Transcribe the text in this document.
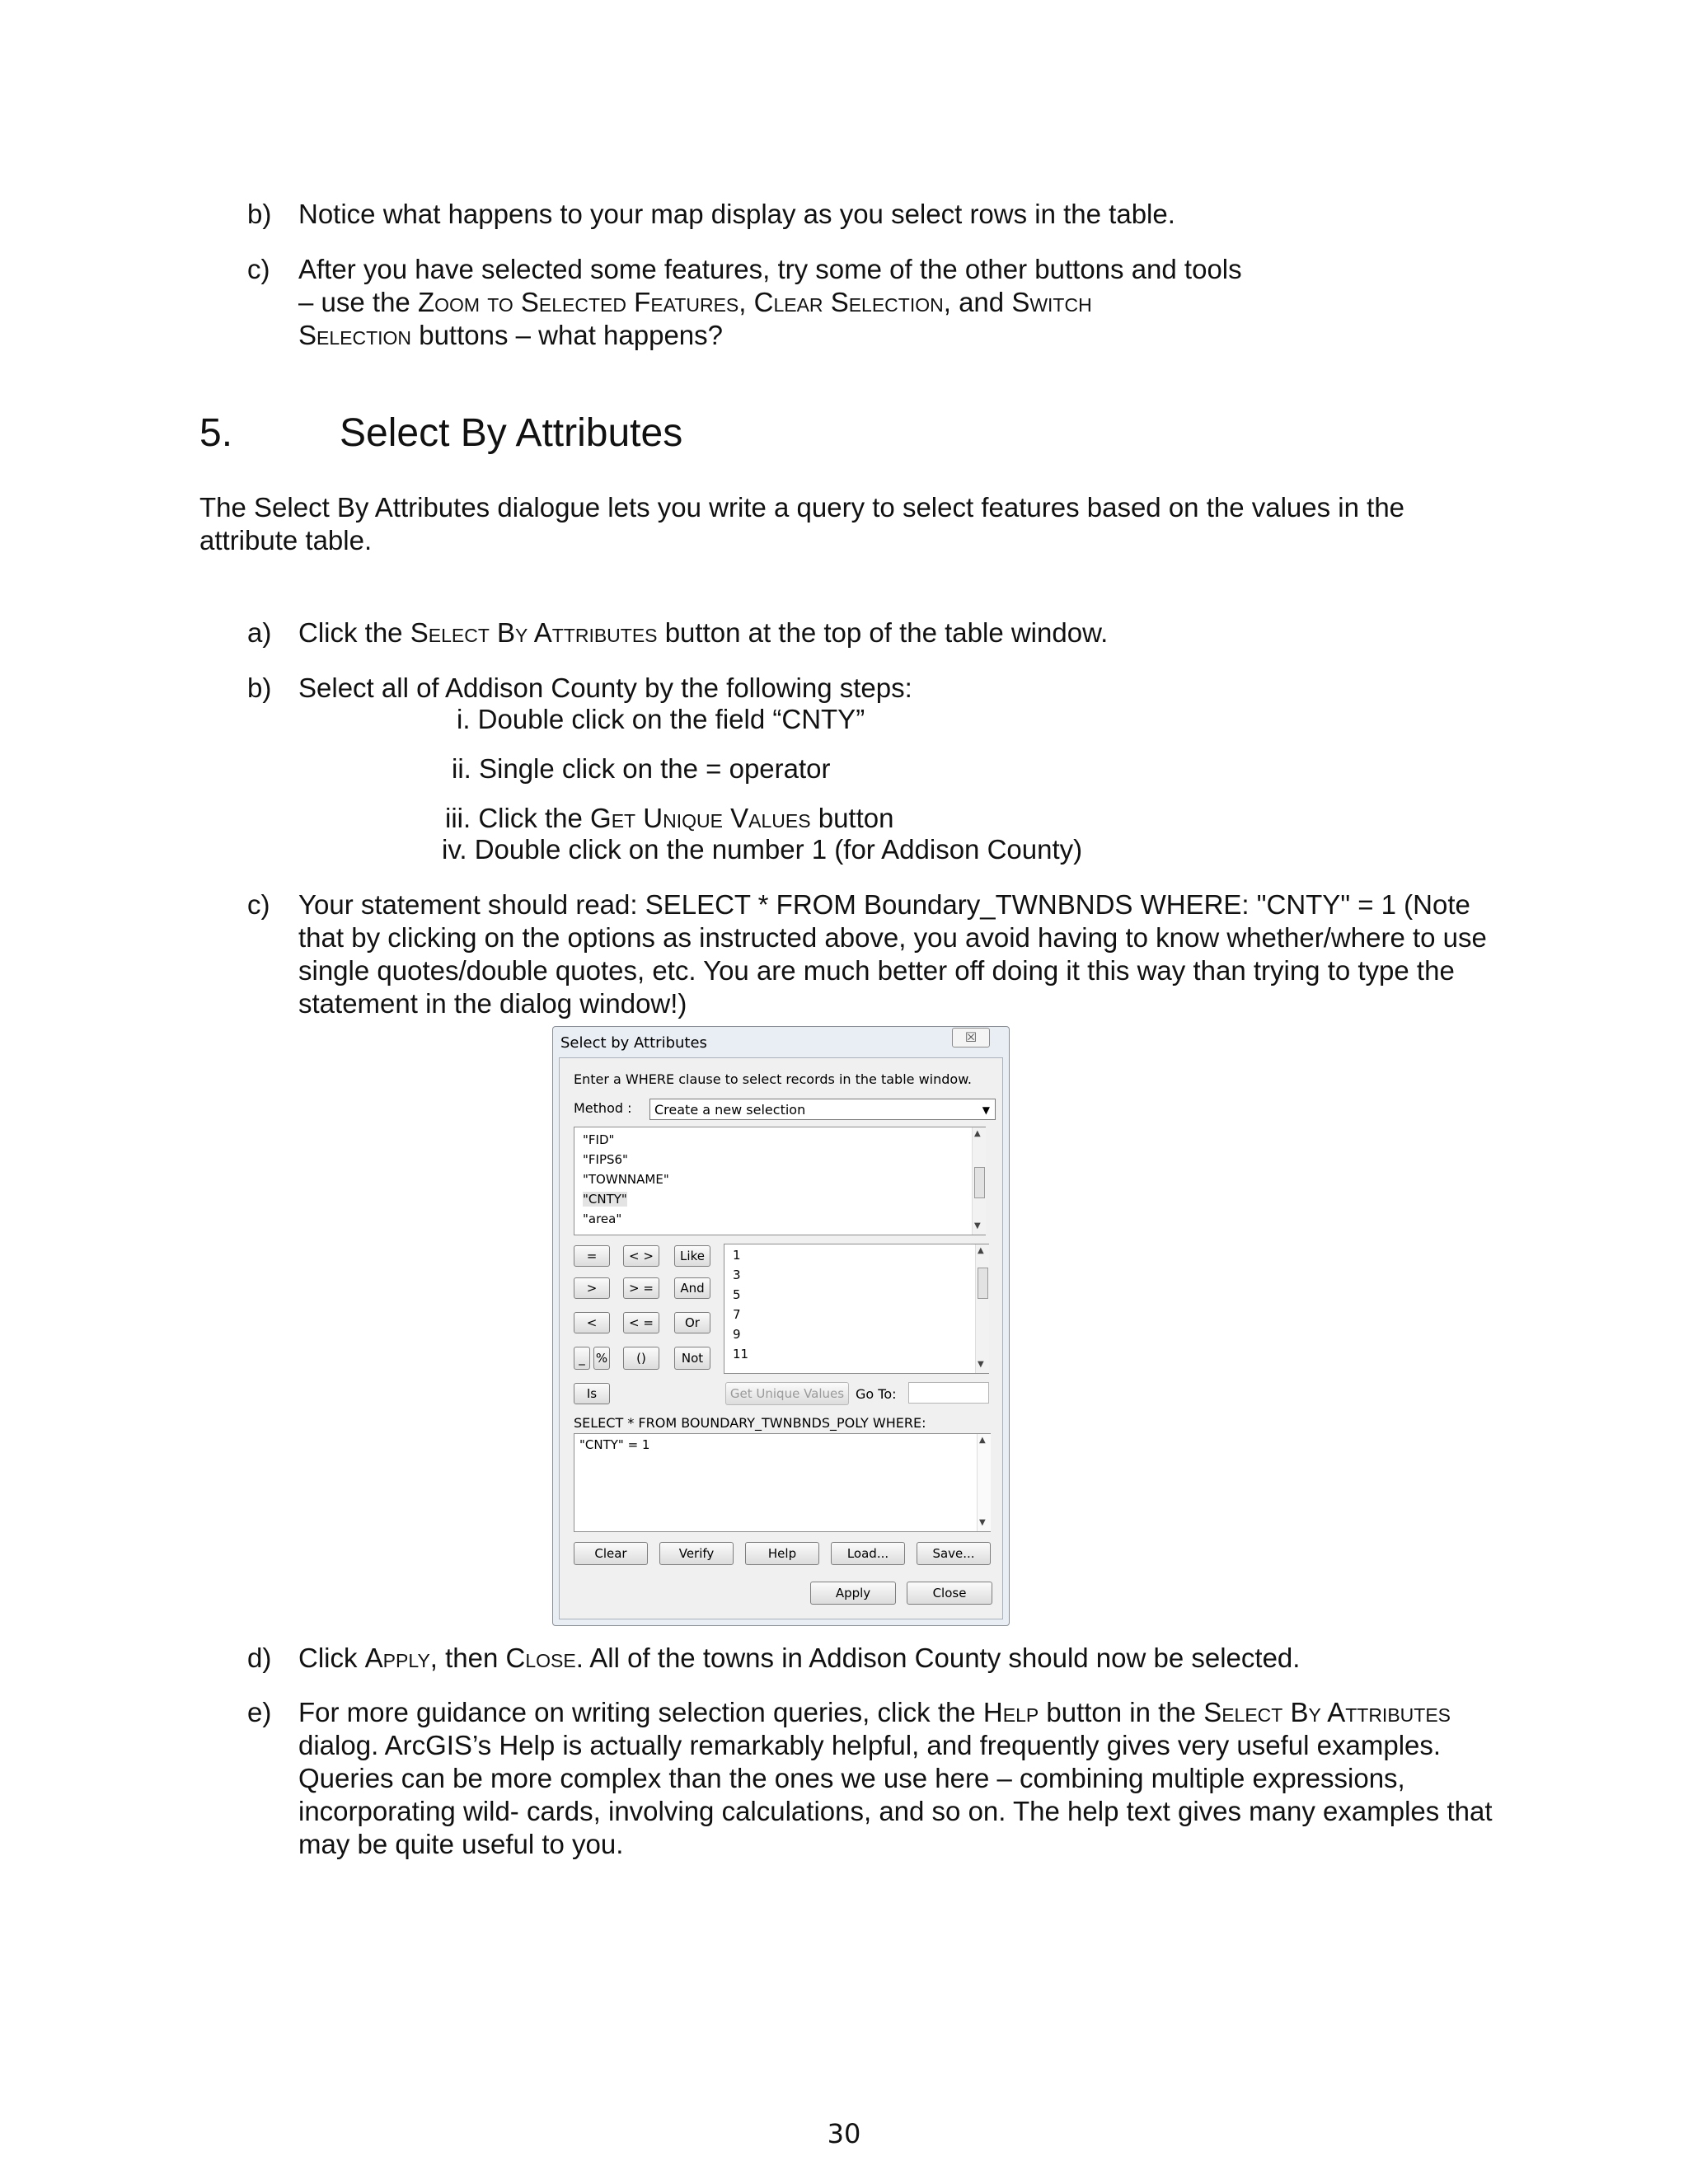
b) Notice what happens to your map display as you select rows in the table.
c) After you have selected some features, try some of the other buttons and tools
– use the Zoom to Selected Features, Clear Selection, and Switch
Selection buttons – what happens?
5.	Select By Attributes
The Select By Attributes dialogue lets you write a query to select features based on the values in the attribute table.
a) Click the Select By Attributes button at the top of the table window.
b) Select all of Addison County by the following steps:
i. Double click on the field “CNTY”
ii. Single click on the = operator
iii. Click the Get Unique Values button
iv. Double click on the number 1 (for Addison County)
c) Your statement should read: SELECT * FROM Boundary_TWNBNDS WHERE: "CNTY" = 1 (Note that by clicking on the options as instructed above, you avoid having to know whether/where to use single quotes/double quotes, etc. You are much better off doing it this way than trying to type the statement in the dialog window!)
Select by Attributes	☒
Enter a WHERE clause to select records in the table window.
Method :	Create a new selection	▼
"FID"
"FIPS6"
"TOWNNAME"
"CNTY"
"area"
▲
▼
=	< >	Like
>	> =	And
<	< =	Or
_ %	()	Not
Is
1
3
5
7
9
11
▲
▼
Get Unique Values Go To:
SELECT * FROM BOUNDARY_TWNBNDS_POLY WHERE:
"CNTY" = 1	▲
▼
Clear	Verify	Help	Load...	Save...
Apply	Close
d) Click Apply, then Close. All of the towns in Addison County should now be selected.
e) For more guidance on writing selection queries, click the Help button in the Select By Attributes dialog. ArcGIS’s Help is actually remarkably helpful, and frequently gives very useful examples. Queries can be more complex than the ones we use here – combining multiple expressions, incorporating wild- cards, involving calculations, and so on. The help text gives many examples that may be quite useful to you.
30
